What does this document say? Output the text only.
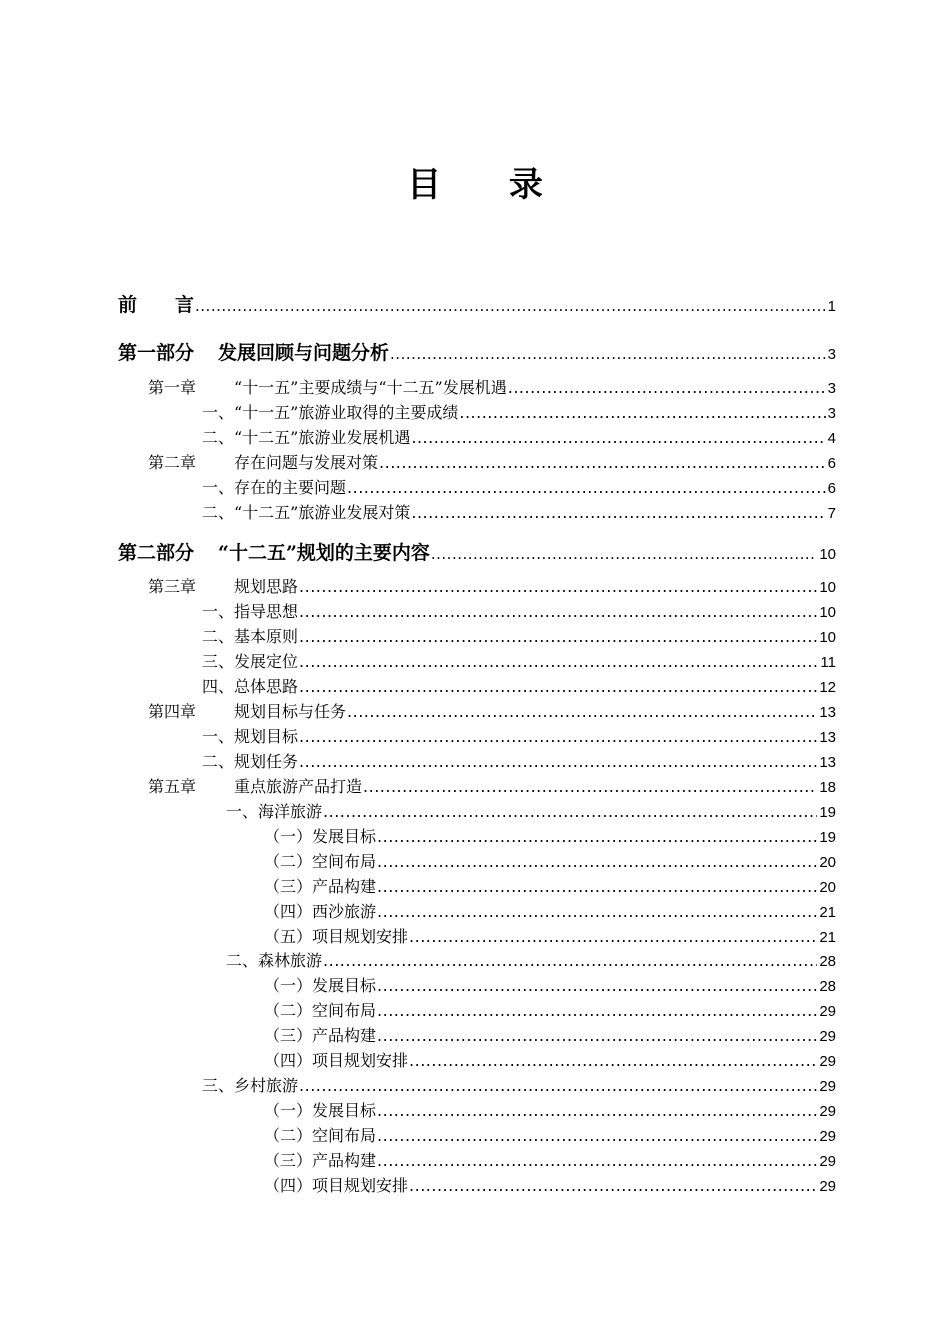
目 录
前　　言 .....	1
第一部分 发展回顾与问题分析 .....	3
第一章 “十一五”主要成绩与“十二五”发展机遇 .....	3
一、“十一五”旅游业取得的主要成绩 .....	3
二、“十二五”旅游业发展机遇 .....	4
第二章 存在问题与发展对策 .....	6
一、存在的主要问题 .....	6
二、“十二五”旅游业发展对策 .....	7
第二部分 “十二五”规划的主要内容 .....	10
第三章 规划思路 .....	10
一、指导思想 .....	10
二、基本原则 .....	10
三、发展定位 .....	11
四、总体思路 .....	12
第四章 规划目标与任务 .....	13
一、规划目标 .....	13
二、规划任务 .....	13
第五章 重点旅游产品打造 .....	18
一、海洋旅游 .....	19
（一）发展目标 .....	19
（二）空间布局 .....	20
（三）产品构建 .....	20
（四）西沙旅游 .....	21
（五）项目规划安排 .....	21
二、森林旅游 .....	28
（一）发展目标 .....	28
（二）空间布局 .....	29
（三）产品构建 .....	29
（四）项目规划安排 .....	29
三、乡村旅游 .....	29
（一）发展目标 .....	29
（二）空间布局 .....	29
（三）产品构建 .....	29
（四）项目规划安排 .....	29
